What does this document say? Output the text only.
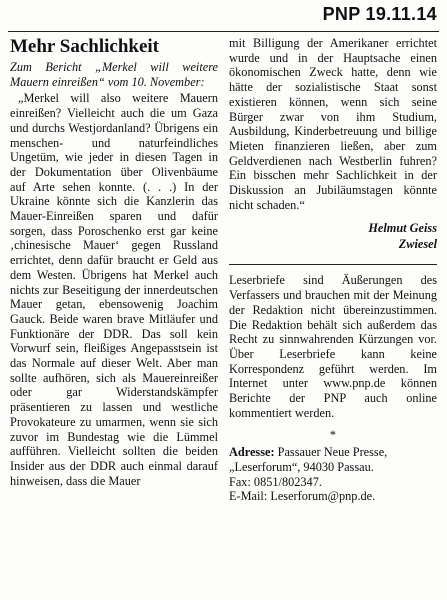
PNP 19.11.14
Mehr Sachlichkeit

Zum Bericht „Merkel will weitere Mauern einreißen“ vom 10. November:

„Merkel will also weitere Mauern einreißen? Vielleicht auch die um Gaza und durchs Westjordanland? Übrigens ein menschen- und naturfeindliches Ungetüm, wie jeder in diesen Tagen in der Dokumentation über Olivenbäume auf Arte sehen konnte. (. . .) In der Ukraine könnte sich die Kanzlerin das Mauer-Einreißen sparen und dafür sorgen, dass Poroschenko erst gar keine ‚chinesische Mauer‘ gegen Russland errichtet, denn dafür braucht er Geld aus dem Westen. Übrigens hat Merkel auch nichts zur Beseitigung der innerdeutschen Mauer getan, ebensowenig Joachim Gauck. Beide waren brave Mitläufer und Funktionäre der DDR. Das soll kein Vorwurf sein, fleißiges Angepasstsein ist das Normale auf dieser Welt. Aber man sollte aufhören, sich als Mauereinreißer oder gar Widerstandskämpfer präsentieren zu lassen und westliche Provokateure zu umarmen, wenn sie sich zuvor im Bundestag wie die Lümmel aufführen. Vielleicht sollten die beiden Insider aus der DDR auch einmal darauf hinweisen, dass die Mauer

mit Billigung der Amerikaner errichtet wurde und in der Hauptsache einen ökonomischen Zweck hatte, denn wie hätte der sozialistische Staat sonst existieren können, wenn sich seine Bürger zwar von ihm Studium, Ausbildung, Kinderbetreuung und billige Mieten finanzieren ließen, aber zum Geldverdienen nach Westberlin fuhren? Ein bisschen mehr Sachlichkeit in der Diskussion an Jubiläumstagen könnte nicht schaden.“

Helmut Geiss
Zwiesel

Leserbriefe sind Äußerungen des Verfassers und brauchen mit der Meinung der Redaktion nicht übereinzustimmen. Die Redaktion behält sich außerdem das Recht zu sinnwahrenden Kürzungen vor. Über Leserbriefe kann keine Korrespondenz geführt werden. Im Internet unter www.pnp.de können Berichte der PNP auch online kommentiert werden.

*
Adresse: Passauer Neue Presse,
„Leserforum“, 94030 Passau.
Fax: 0851/802347.
E-Mail: Leserforum@pnp.de.
